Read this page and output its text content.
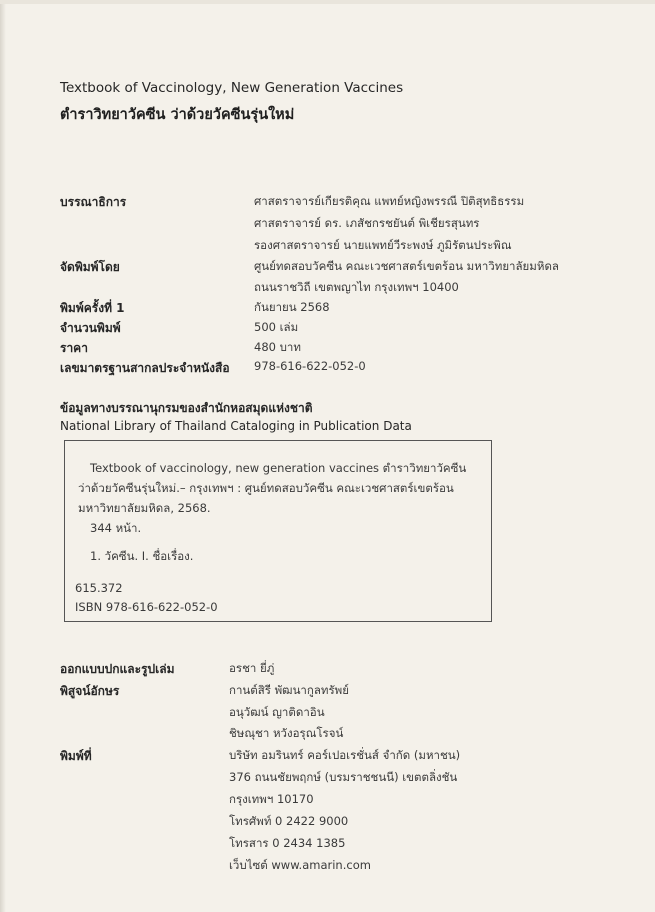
Textbook of Vaccinology, New Generation Vaccines
ตำราวิทยาวัคซีน ว่าด้วยวัคซีนรุ่นใหม่
บรรณาธิการ	ศาสตราจารย์เกียรติคุณ แพทย์หญิงพรรณี ปิติสุทธิธรรม
ศาสตราจารย์ ดร. เภสัชกรชยันต์ พิเชียรสุนทร
รองศาสตราจารย์ นายแพทย์วีระพงษ์ ภูมิรัตนประพิณ
จัดพิมพ์โดย	ศูนย์ทดสอบวัคซีน คณะเวชศาสตร์เขตร้อน มหาวิทยาลัยมหิดล
ถนนราชวิถี เขตพญาไท กรุงเทพฯ 10400
พิมพ์ครั้งที่ 1	กันยายน 2568
จำนวนพิมพ์	500 เล่ม
ราคา	480 บาท
เลขมาตรฐานสากลประจำหนังสือ 978-616-622-052-0
ข้อมูลทางบรรณานุกรมของสำนักหอสมุดแห่งชาติ
National Library of Thailand Cataloging in Publication Data
Textbook of vaccinology, new generation vaccines ตำราวิทยาวัคซีน
ว่าด้วยวัคซีนรุ่นใหม่.– กรุงเทพฯ : ศูนย์ทดสอบวัคซีน คณะเวชศาสตร์เขตร้อน
มหาวิทยาลัยมหิดล, 2568.
344 หน้า.
1. วัคซีน. I. ชื่อเรื่อง.
615.372
ISBN 978-616-622-052-0
ออกแบบปกและรูปเล่ม	อรชา ยี่ภู่
พิสูจน์อักษร	กานต์สิรี พัฒนากูลทรัพย์
อนุวัฒน์ ญาติดาอิน
ชิษณุชา หวังอรุณโรจน์
พิมพ์ที่	บริษัท อมรินทร์ คอร์เปอเรชั่นส์ จำกัด (มหาชน)
376 ถนนชัยพฤกษ์ (บรมราชชนนี) เขตตลิ่งชัน
กรุงเทพฯ 10170
โทรศัพท์ 0 2422 9000
โทรสาร 0 2434 1385
เว็บไซต์ www.amarin.com
